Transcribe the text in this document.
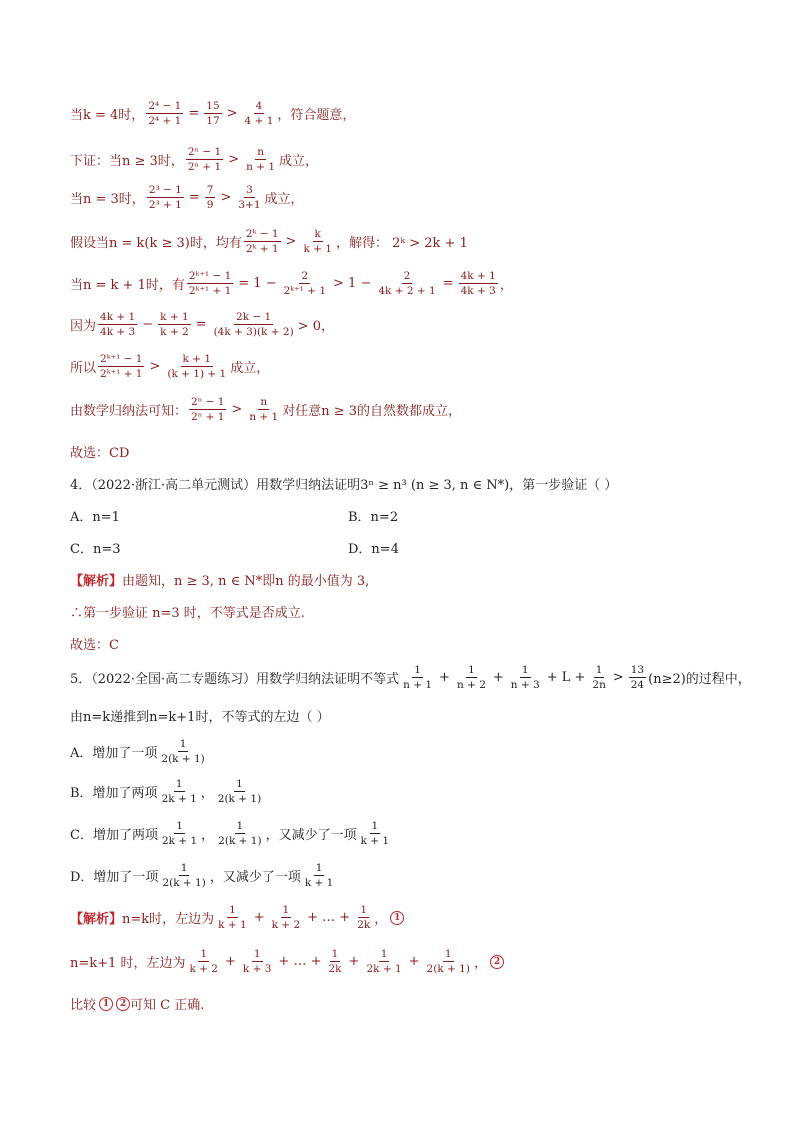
当k = 4时， $\frac{\text{2⁴ − 1}}{\text{2⁴ + 1}} = \frac{15}{17} > \frac{4}{4 + 1}$ ，符合题意，
下证：当n ≥ 3时， $\frac{\text{2ⁿ − 1}}{\text{2ⁿ + 1}} > \frac{n}{n + 1}$ 成立，
当n = 3时， $\frac{\text{2³ − 1}}{\text{2³ + 1}} = \frac{7}{9} > \frac{3}{3+1}$ 成立，
假设当n = k(k ≥ 3)时，均有 $\frac{\text{2ᵏ − 1}}{\text{2ᵏ + 1}} > \frac{k}{k + 1}$ ，解得： 2ᵏ > 2k + 1
当n = k + 1时，有 $\frac{\text{2ᵏ⁺¹ − 1}}{\text{2ᵏ⁺¹ + 1}} = 1 - \frac{2}{\text{2ᵏ⁺¹ + 1}} > 1 - \frac{2}{4k + 2 + 1} = \frac{4k + 1}{4k + 3}$ ，
因为 $\frac{4k + 1}{4k + 3} - \frac{k + 1}{k + 2} = \frac{2k - 1}{(4k + 3)(k + 2)} > 0$，
所以 $\frac{\text{2ᵏ⁺¹ − 1}}{\text{2ᵏ⁺¹ + 1}} > \frac{k + 1}{(k + 1) + 1}$ 成立，
由数学归纳法可知： $\frac{\text{2ⁿ − 1}}{\text{2ⁿ + 1}} > \frac{n}{n + 1}$ 对任意n ≥ 3的自然数都成立，
故选：CD
4．（2022·浙江·高二单元测试）用数学归纳法证明3ⁿ ≥ n³ (n ≥ 3, n ∈ N*)，第一步验证（ ）
A．n=1	B．n=2
C．n=3	D．n=4
【解析】 由题知，n ≥ 3, n ∈ N*即n 的最小值为 3,
∴第一步验证 n=3 时，不等式是否成立.
故选：C
5．（2022·全国·高二专题练习）用数学归纳法证明不等式 $\frac{1}{n + 1} + \frac{1}{n + 2} + \frac{1}{n + 3} + L + \frac{1}{2n} > \frac{13}{24} (n\ge 2)$的过程中，
由n=k递推到n=k+1时，不等式的左边（ ）
A．增加了一项 $\frac{1}{2(k + 1)}$
B．增加了两项 $\frac{1}{2k + 1}$ ， $\frac{1}{2(k + 1)}$
C．增加了两项 $\frac{1}{2k + 1}$ ， $\frac{1}{2(k + 1)}$ ，又减少了一项 $\frac{1}{k + 1}$
D．增加了一项 $\frac{1}{2(k + 1)}$ ，又减少了一项 $\frac{1}{k + 1}$
【解析】 n=k时，左边为 $\frac{1}{k + 1} + \frac{1}{k + 2}$ + … + $\frac{1}{2k}$ ， 1
n=k+1 时，左边为 $\frac{1}{k + 2} + \frac{1}{k + 3}$ + … + $\frac{1}{2k} + \frac{1}{2k + 1} + \frac{1}{2(k + 1)}$ ， 2
比较 1	2 可知 C 正确.
